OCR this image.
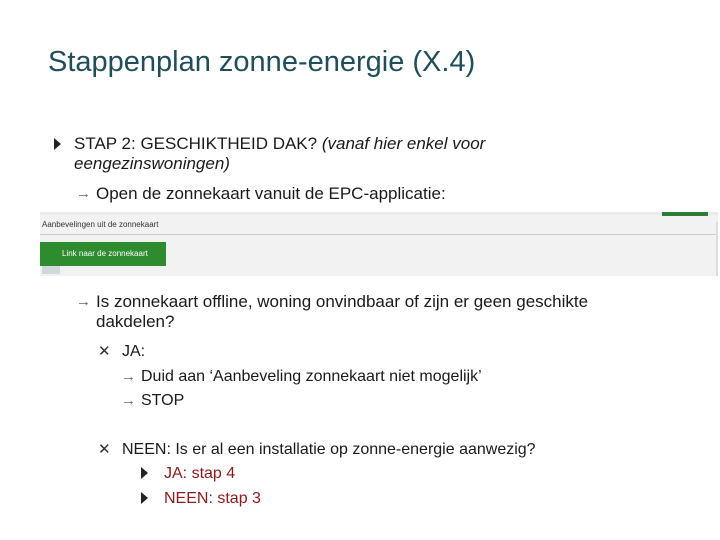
Stappenplan zonne-energie (X.4)
STAP 2: GESCHIKTHEID DAK? (vanaf hier enkel voor
eengezinswoningen)
→ Open de zonnekaart vanuit de EPC-applicatie:
Aanbevelingen uit de zonnekaart
Link naar de zonnekaart
→ Is zonnekaart offline, woning onvindbaar of zijn er geen geschikte
dakdelen?
✕ JA:
→ Duid aan ‘Aanbeveling zonnekaart niet mogelijk’
→ STOP
✕ NEEN: Is er al een installatie op zonne-energie aanwezig?
JA: stap 4
NEEN: stap 3
